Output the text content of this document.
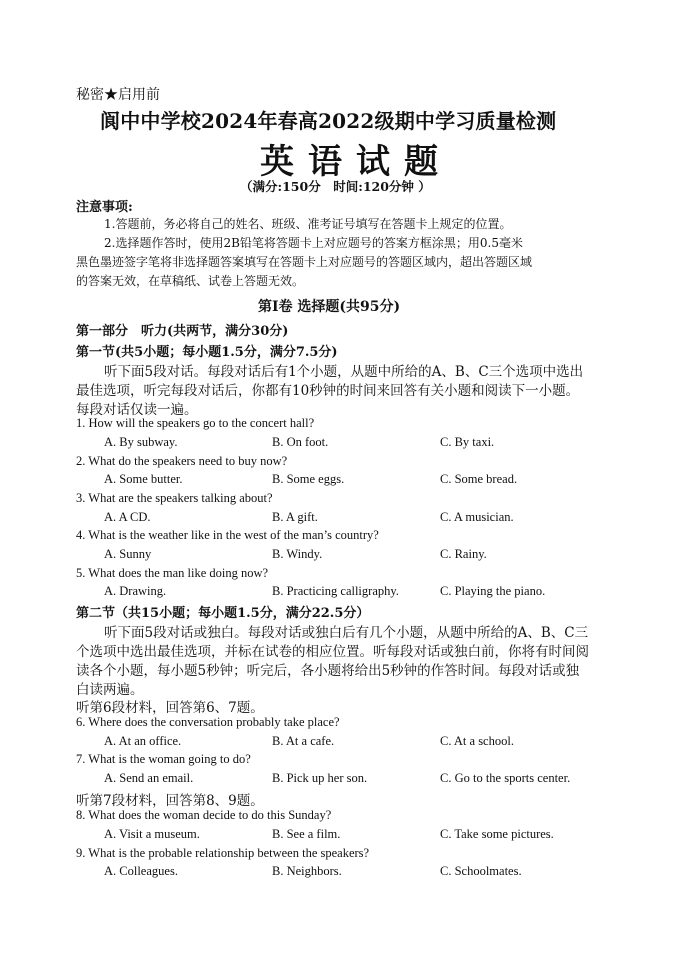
秘密★启用前
阆中中学校2024年春高2022级期中学习质量检测
英语试题
（满分:150分　时间:120分钟 ）
注意事项:
1.答题前，务必将自己的姓名、班级、准考证号填写在答题卡上规定的位置。
2.选择题作答时，使用2B铅笔将答题卡上对应题号的答案方框涂黑；用0.5毫米
黑色墨迹签字笔将非选择题答案填写在答题卡上对应题号的答题区域内，超出答题区域
的答案无效，在草稿纸、试卷上答题无效。
第Ⅰ卷 选择题(共95分)
第一部分　听力(共两节，满分30分)
第一节(共5小题；每小题1.5分，满分7.5分)
听下面5段对话。每段对话后有1个小题，从题中所给的A、B、C三个选项中选出
最佳选项，听完每段对话后，你都有10秒钟的时间来回答有关小题和阅读下一小题。
每段对话仅读一遍。
1. How will the speakers go to the concert hall?
A. By subway.	B. On foot.	C. By taxi.
2. What do the speakers need to buy now?
A. Some butter.	B. Some eggs.	C. Some bread.
3. What are the speakers talking about?
A. A CD.	B. A gift.	C. A musician.
4. What is the weather like in the west of the man’s country?
A. Sunny	B. Windy.	C. Rainy.
5. What does the man like doing now?
A. Drawing.	B. Practicing calligraphy.	C. Playing the piano.
第二节（共15小题；每小题1.5分，满分22.5分）
听下面5段对话或独白。每段对话或独白后有几个小题，从题中所给的A、B、C三
个选项中选出最佳选项，并标在试卷的相应位置。听每段对话或独白前，你将有时间阅
读各个小题，每小题5秒钟；听完后，各小题将给出5秒钟的作答时间。每段对话或独
白读两遍。
听第6段材料，回答第6、7题。
6. Where does the conversation probably take place?
A. At an office.	B. At a cafe.	C. At a school.
7. What is the woman going to do?
A. Send an email.	B. Pick up her son.	C. Go to the sports center.
听第7段材料，回答第8、9题。
8. What does the woman decide to do this Sunday?
A. Visit a museum.	B. See a film.	C. Take some pictures.
9. What is the probable relationship between the speakers?
A. Colleagues.	B. Neighbors.	C. Schoolmates.
